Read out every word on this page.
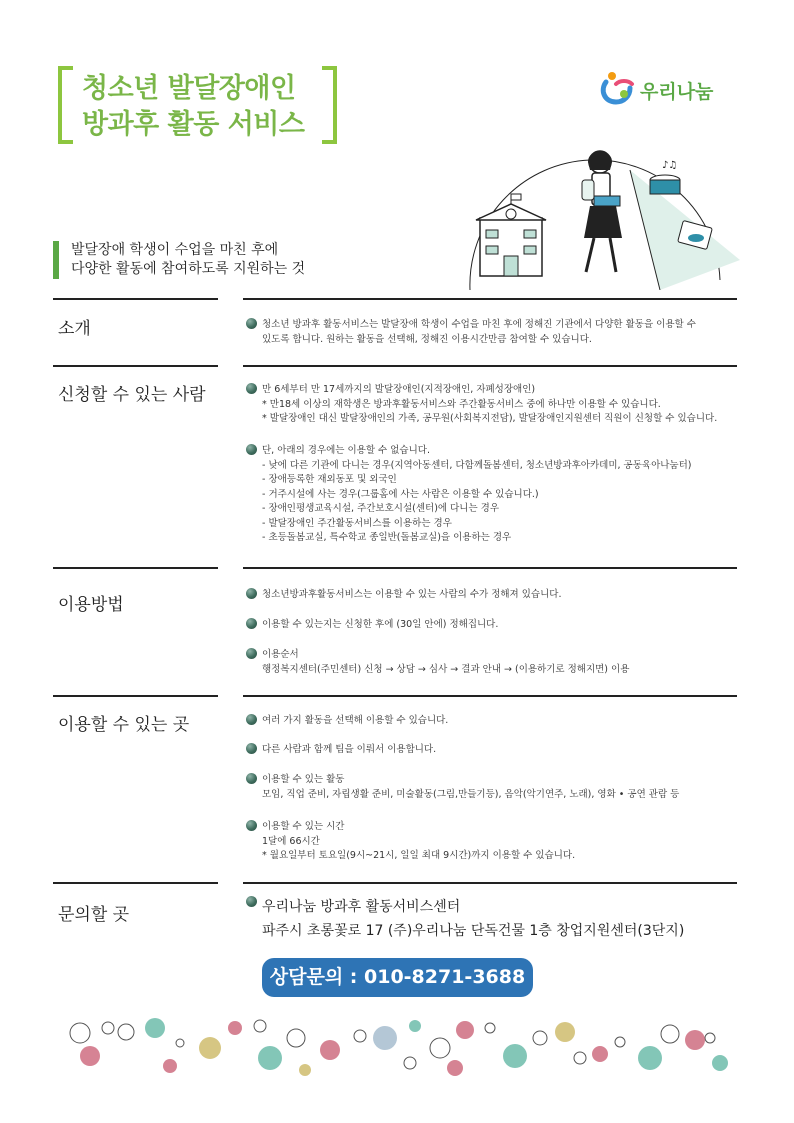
청소년 발달장애인
방과후 활동 서비스
우리나눔
♪♫
발달장애 학생이 수업을 마친 후에
다양한 활동에 참여하도록 지원하는 것
소개	청소년 방과후 활동서비스는 발달장애 학생이 수업을 마친 후에 정해진 기관에서 다양한 활동을 이용할 수
있도록 합니다. 원하는 활동을 선택해, 정해진 이용시간만큼 참여할 수 있습니다.
신청할 수 있는 사람	만 6세부터 만 17세까지의 발달장애인(지적장애인, 자폐성장애인)
* 만18세 이상의 재학생은 방과후활동서비스와 주간활동서비스 중에 하나만 이용할 수 있습니다.
* 발달장애인 대신 발달장애인의 가족, 공무원(사회복지전담), 발달장애인지원센터 직원이 신청할 수 있습니다.
단, 아래의 경우에는 이용할 수 없습니다.
- 낮에 다른 기관에 다니는 경우(지역아동센터, 다함께돌봄센터, 청소년방과후아카데미, 공동육아나눔터)
- 장애등록한 재외동포 및 외국인
- 거주시설에 사는 경우(그룹홈에 사는 사람은 이용할 수 있습니다.)
- 장애인평생교육시설, 주간보호시설(센터)에 다니는 경우
- 발달장애인 주간활동서비스를 이용하는 경우
- 초등돌봄교실, 특수학교 종일반(돌봄교실)을 이용하는 경우
이용방법
청소년방과후활동서비스는 이용할 수 있는 사람의 수가 정해져 있습니다.
이용할 수 있는지는 신청한 후에 (30일 안에) 정해집니다.
이용순서
행정복지센터(주민센터) 신청 → 상담 → 심사 → 결과 안내 → (이용하기로 정해지면) 이용
이용할 수 있는 곳	여러 가지 활동을 선택해 이용할 수 있습니다.
다른 사람과 함께 팀을 이뤄서 이용합니다.
이용할 수 있는 활동
모임, 직업 준비, 자립생활 준비, 미술활동(그림,만들기등), 음악(악기연주, 노래), 영화 • 공연 관람 등
이용할 수 있는 시간
1달에 66시간
* 월요일부터 토요일(9시~21시, 일일 최대 9시간)까지 이용할 수 있습니다.
문의할 곳	우리나눔 방과후 활동서비스센터
파주시 초롱꽃로 17 (주)우리나눔 단독건물 1층 창업지원센터(3단지)
상담문의 : 010-8271-3688
